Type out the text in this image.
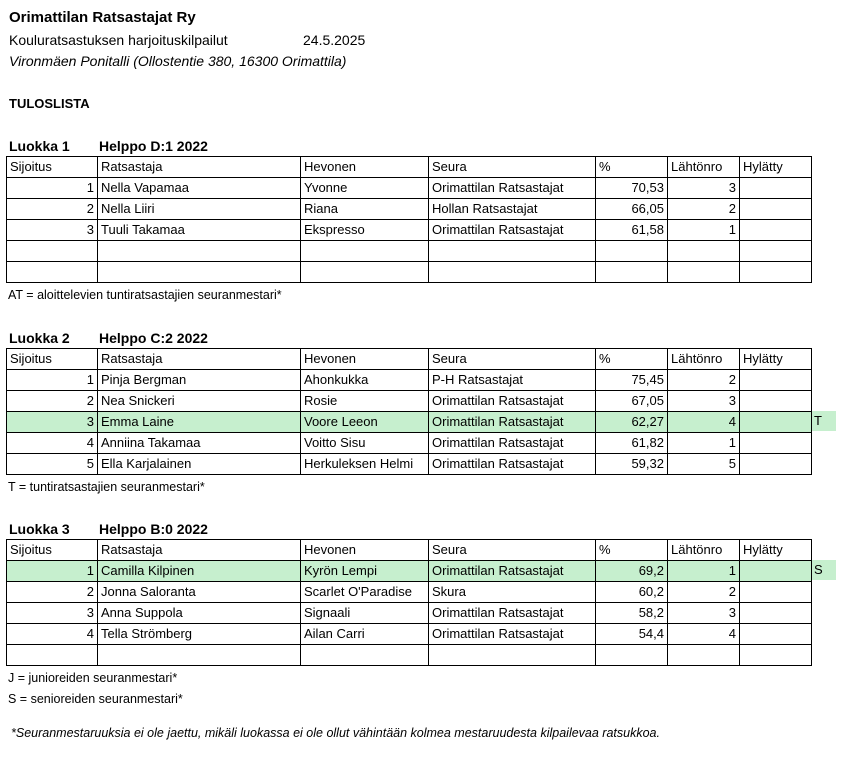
Orimattilan Ratsastajat Ry
Kouluratsastuksen harjoituskilpailut	24.5.2025
Vironmäen Ponitalli (Ollostentie 380, 16300 Orimattila)
TULOSLISTA
Luokka 1 Helppo D:1 2022
Sijoitus	Ratsastaja	Hevonen	Seura	%	Lähtönro	Hylätty
1	Nella Vapamaa	Yvonne	Orimattilan Ratsastajat	70,53	3	
2	Nella Liiri	Riana	Hollan Ratsastajat	66,05	2	
3	Tuuli Takamaa	Ekspresso	Orimattilan Ratsastajat	61,58	1	

AT = aloittelevien tuntiratsastajien seuranmestari*
Luokka 2 Helppo C:2 2022
T
Sijoitus	Ratsastaja	Hevonen	Seura	%	Lähtönro	Hylätty
1	Pinja Bergman	Ahonkukka	P-H Ratsastajat	75,45	2	
2	Nea Snickeri	Rosie	Orimattilan Ratsastajat	67,05	3	
3	Emma Laine	Voore Leeon	Orimattilan Ratsastajat	62,27	4	
4	Anniina Takamaa	Voitto Sisu	Orimattilan Ratsastajat	61,82	1	
5	Ella Karjalainen	Herkuleksen Helmi	Orimattilan Ratsastajat	59,32	5	
T = tuntiratsastajien seuranmestari*
Luokka 3 Helppo B:0 2022
S
Sijoitus	Ratsastaja	Hevonen	Seura	%	Lähtönro	Hylätty
1	Camilla Kilpinen	Kyrön Lempi	Orimattilan Ratsastajat	69,2	1	
2	Jonna Saloranta	Scarlet O'Paradise	Skura	60,2	2	
3	Anna Suppola	Signaali	Orimattilan Ratsastajat	58,2	3	
4	Tella Strömberg	Ailan Carri	Orimattilan Ratsastajat	54,4	4	

J = junioreiden seuranmestari*
S = senioreiden seuranmestari*
*Seuranmestaruuksia ei ole jaettu, mikäli luokassa ei ole ollut vähintään kolmea mestaruudesta kilpailevaa ratsukkoa.
